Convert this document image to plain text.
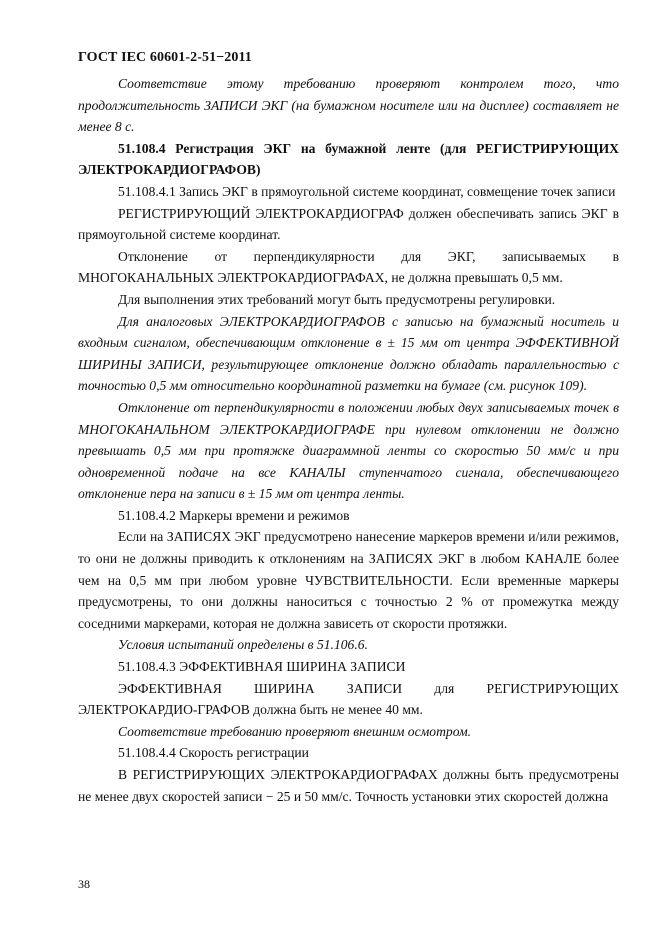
ГОСТ IEC 60601-2-51−2011

Соответствие этому требованию проверяют контролем того, что продолжительность ЗАПИСИ ЭКГ (на бумажном носителе или на дисплее) составляет не менее 8 с.

51.108.4 Регистрация ЭКГ на бумажной ленте (для РЕГИСТРИРУЮЩИХ ЭЛЕКТРОКАРДИОГРАФОВ)

51.108.4.1 Запись ЭКГ в прямоугольной системе координат, совмещение точек записи

РЕГИСТРИРУЮЩИЙ ЭЛЕКТРОКАРДИОГРАФ должен обеспечивать запись ЭКГ в прямоугольной системе координат.

Отклонение от перпендикулярности для ЭКГ, записываемых в МНОГОКАНАЛЬНЫХ ЭЛЕКТРОКАРДИОГРАФАХ, не должна превышать 0,5 мм.

Для выполнения этих требований могут быть предусмотрены регулировки.

Для аналоговых ЭЛЕКТРОКАРДИОГРАФОВ с записью на бумажный носитель и входным сигналом, обеспечивающим отклонение в ± 15 мм от центра ЭФФЕКТИВНОЙ ШИРИНЫ ЗАПИСИ, результирующее отклонение должно обладать параллельностью с точностью 0,5 мм относительно координатной разметки на бумаге (см. рисунок 109).

Отклонение от перпендикулярности в положении любых двух записываемых точек в МНОГОКАНАЛЬНОМ ЭЛЕКТРОКАРДИОГРАФЕ при нулевом отклонении не должно превышать 0,5 мм при протяжке диаграммной ленты со скоростью 50 мм/с и при одновременной подаче на все КАНАЛЫ ступенчатого сигнала, обеспечивающего отклонение пера на записи в ± 15 мм от центра ленты.

51.108.4.2 Маркеры времени и режимов

Если на ЗАПИСЯХ ЭКГ предусмотрено нанесение маркеров времени и/или режимов, то они не должны приводить к отклонениям на ЗАПИСЯХ ЭКГ в любом КАНАЛЕ более чем на 0,5 мм при любом уровне ЧУВСТВИТЕЛЬНОСТИ. Если временные маркеры предусмотрены, то они должны наноситься с точностью 2 % от промежутка между соседними маркерами, которая не должна зависеть от скорости протяжки.

Условия испытаний определены в 51.106.6.

51.108.4.3 ЭФФЕКТИВНАЯ ШИРИНА ЗАПИСИ

ЭФФЕКТИВНАЯ ШИРИНА ЗАПИСИ для РЕГИСТРИРУЮЩИХ ЭЛЕКТРОКАРДИО-ГРАФОВ должна быть не менее 40 мм.

Соответствие требованию проверяют внешним осмотром.

51.108.4.4 Скорость регистрации

В РЕГИСТРИРУЮЩИХ ЭЛЕКТРОКАРДИОГРАФАХ должны быть предусмотрены не менее двух скоростей записи − 25 и 50 мм/с. Точность установки этих скоростей должна

38
